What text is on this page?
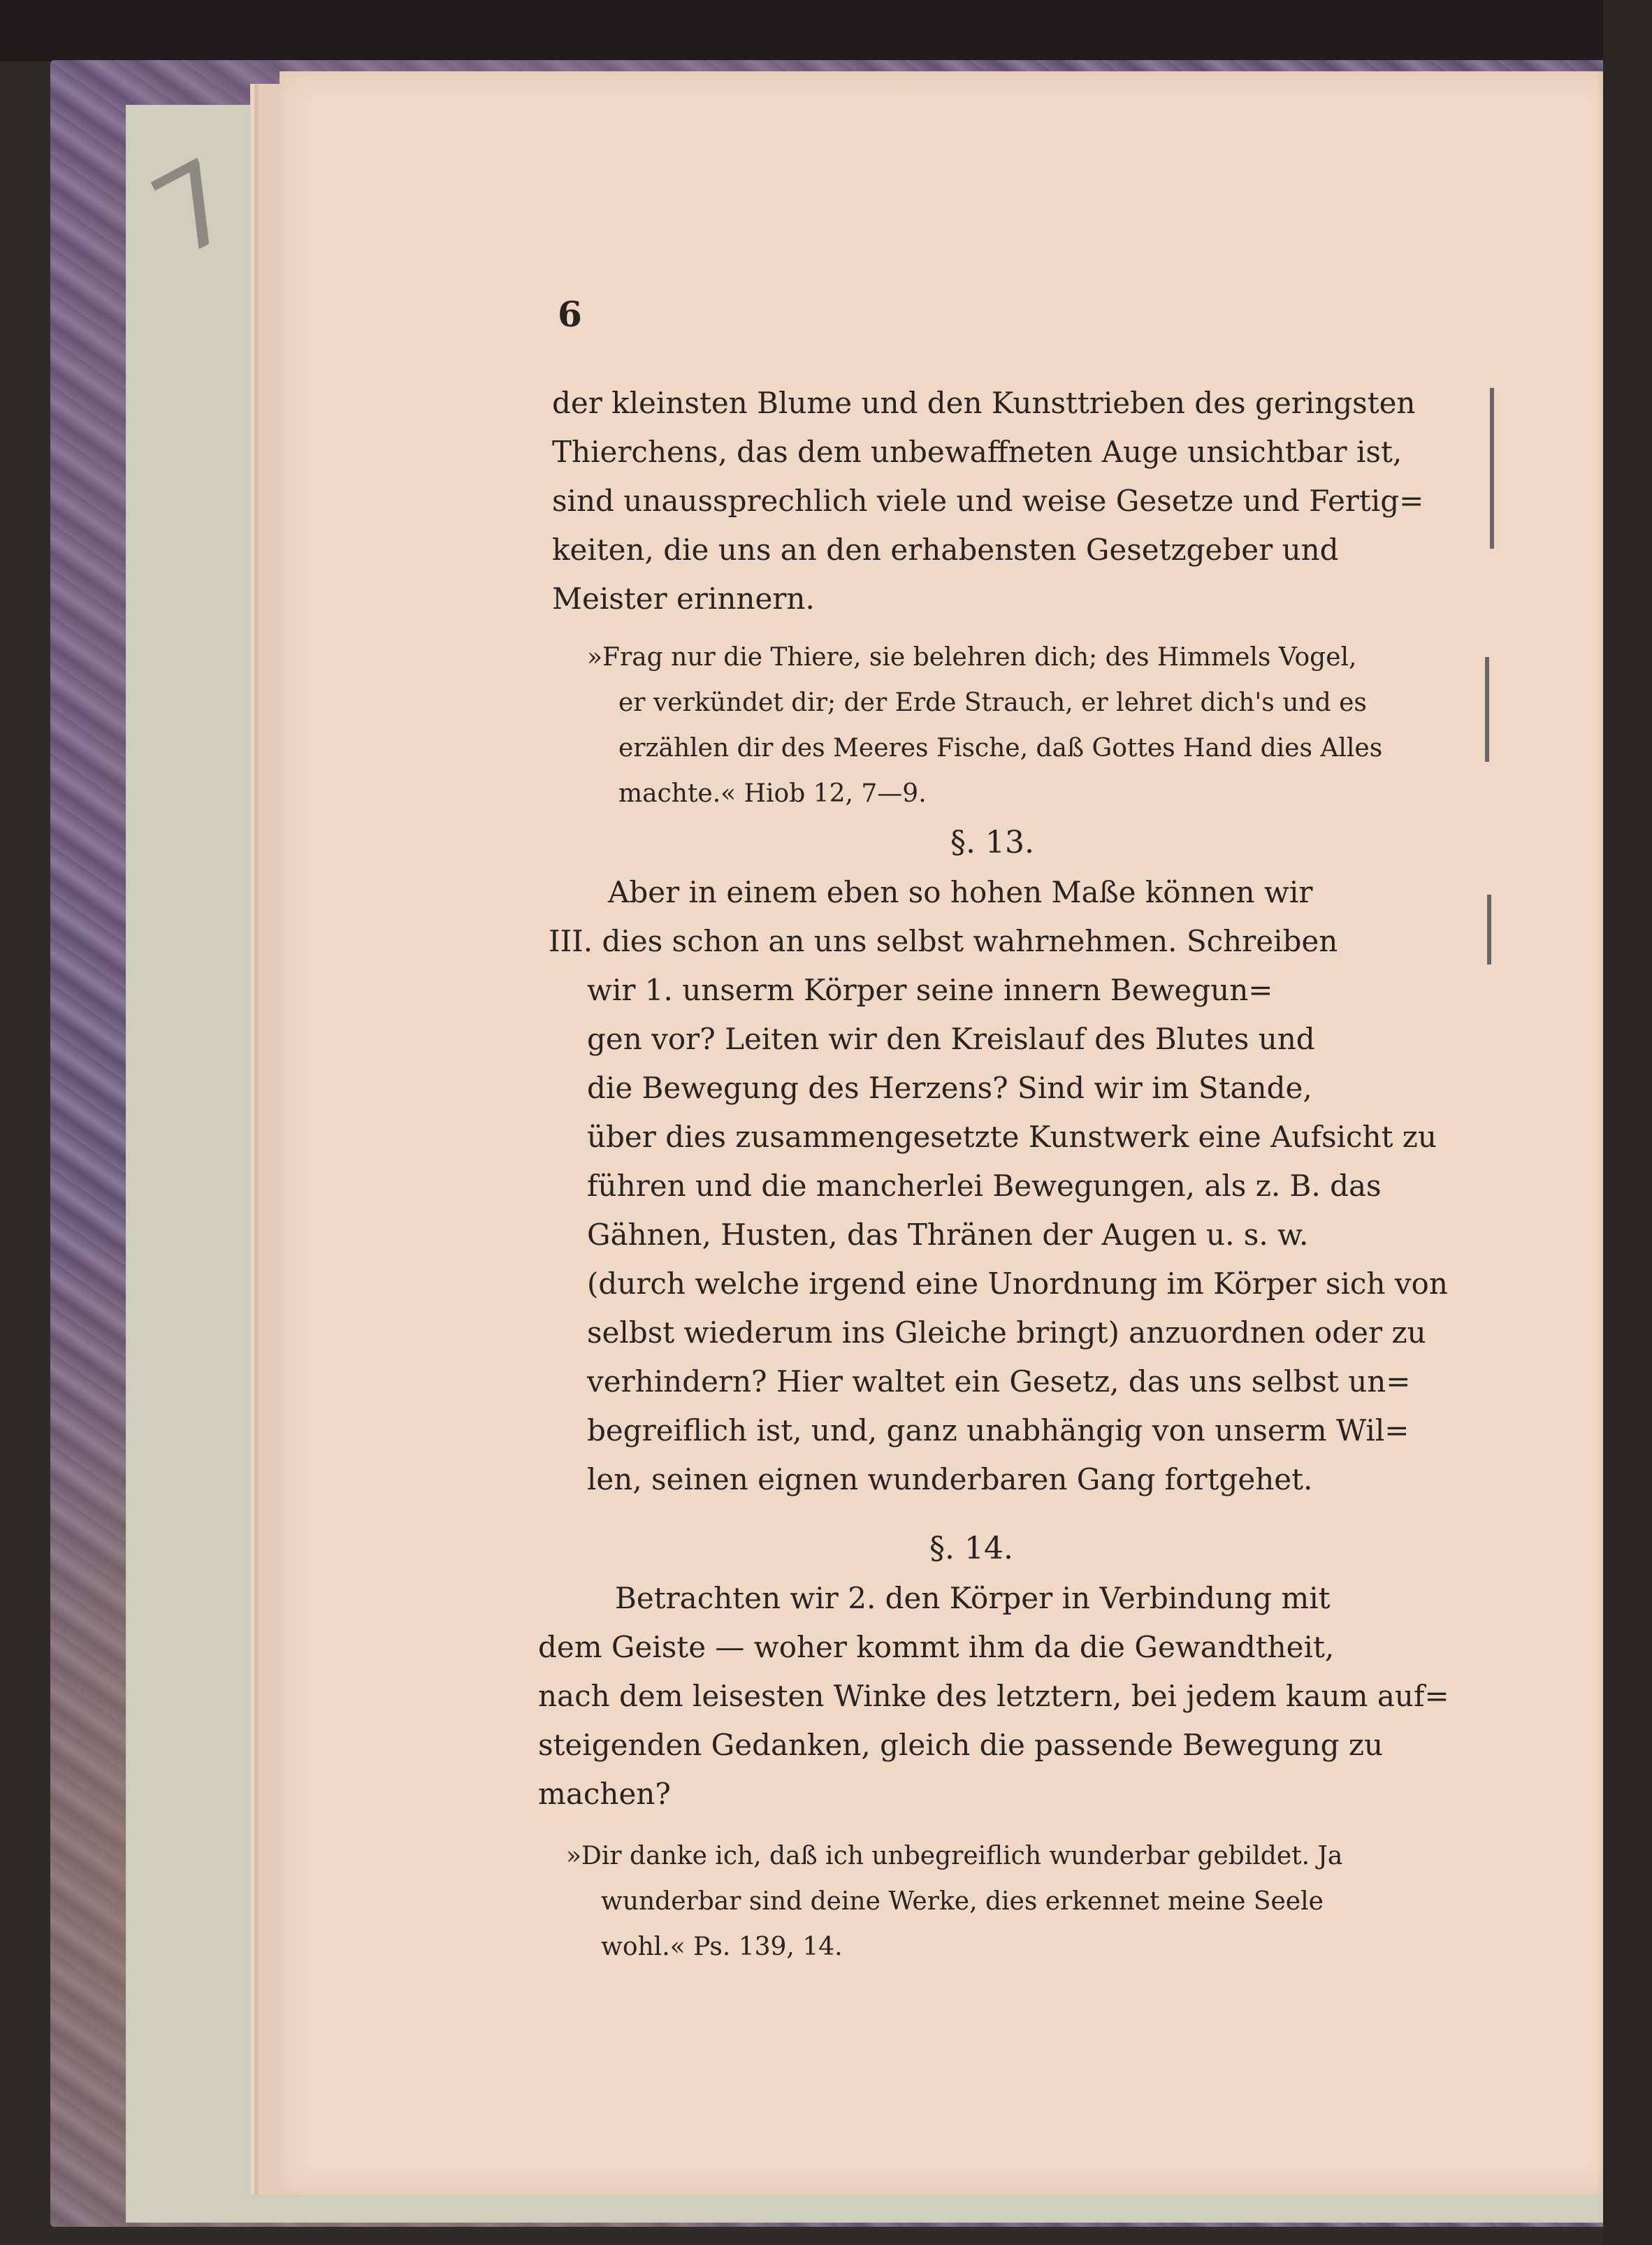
7
6
der kleinsten Blume und den Kunsttrieben des geringsten
Thierchens, das dem unbewaffneten Auge unsichtbar ist,
sind unaussprechlich viele und weise Gesetze und Fertig=
keiten, die uns an den erhabensten Gesetzgeber und
Meister erinnern.
»Frag nur die Thiere, sie belehren dich; des Himmels Vogel,
er verkündet dir; der Erde Strauch, er lehret dich's und es
erzählen dir des Meeres Fische, daß Gottes Hand dies Alles
machte.« Hiob 12, 7—9.
§. 13.
Aber in einem eben so hohen Maße können wir
III. dies schon an uns selbst wahrnehmen. Schreiben
wir 1. unserm Körper seine innern Bewegun=
gen vor? Leiten wir den Kreislauf des Blutes und
die Bewegung des Herzens? Sind wir im Stande,
über dies zusammengesetzte Kunstwerk eine Aufsicht zu
führen und die mancherlei Bewegungen, als z. B. das
Gähnen, Husten, das Thränen der Augen u. s. w.
(durch welche irgend eine Unordnung im Körper sich von
selbst wiederum ins Gleiche bringt) anzuordnen oder zu
verhindern? Hier waltet ein Gesetz, das uns selbst un=
begreiflich ist, und, ganz unabhängig von unserm Wil=
len, seinen eignen wunderbaren Gang fortgehet.
§. 14.
Betrachten wir 2. den Körper in Verbindung mit
dem Geiste — woher kommt ihm da die Gewandtheit,
nach dem leisesten Winke des letztern, bei jedem kaum auf=
steigenden Gedanken, gleich die passende Bewegung zu
machen?
»Dir danke ich, daß ich unbegreiflich wunderbar gebildet. Ja
wunderbar sind deine Werke, dies erkennet meine Seele
wohl.« Ps. 139, 14.
